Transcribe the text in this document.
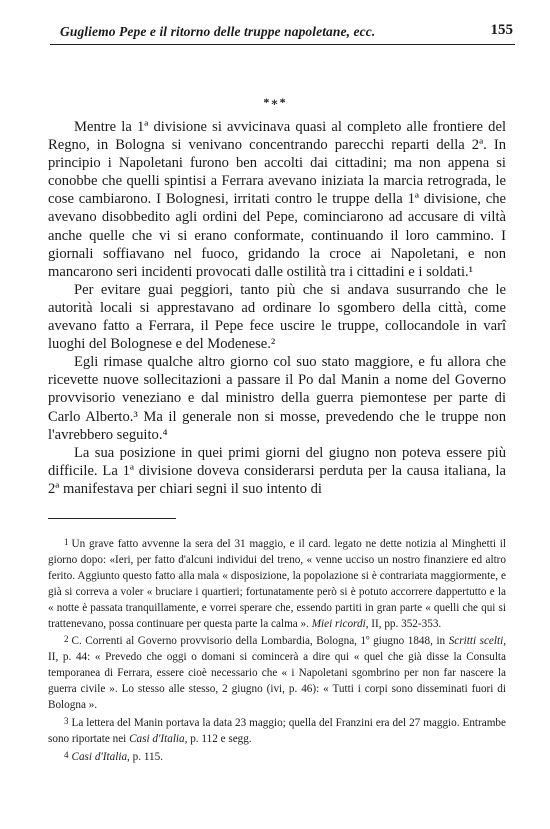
Gugliemo Pepe e il ritorno delle truppe napoletane, ecc.	155
*∗*

Mentre la 1ª divisione si avvicinava quasi al completo alle frontiere del Regno, in Bologna si venivano concentrando parecchi reparti della 2ª. In principio i Napoletani furono ben accolti dai cittadini; ma non appena si conobbe che quelli spintisi a Ferrara avevano iniziata la marcia retrograda, le cose cambiarono. I Bolognesi, irritati contro le truppe della 1ª divisione, che avevano disobbedito agli ordini del Pepe, cominciarono ad accusare di viltà anche quelle che vi si erano conformate, continuando il loro cammino. I giornali soffiavano nel fuoco, gridando la croce ai Napoletani, e non mancarono seri incidenti provocati dalle ostilità tra i cittadini e i soldati.¹

Per evitare guai peggiori, tanto più che si andava susurrando che le autorità locali si apprestavano ad ordinare lo sgombero della città, come avevano fatto a Ferrara, il Pepe fece uscire le truppe, collocandole in varî luoghi del Bolognese e del Modenese.²

Egli rimase qualche altro giorno col suo stato maggiore, e fu allora che ricevette nuove sollecitazioni a passare il Po dal Manin a nome del Governo provvisorio veneziano e dal ministro della guerra piemontese per parte di Carlo Alberto.³ Ma il generale non si mosse, prevedendo che le truppe non l'avrebbero seguito.⁴

La sua posizione in quei primi giorni del giugno non poteva essere più difficile. La 1ª divisione doveva considerarsi perduta per la causa italiana, la 2ª manifestava per chiari segni il suo intento di

1 Un grave fatto avvenne la sera del 31 maggio, e il card. legato ne dette notizia al Minghetti il giorno dopo: «Ieri, per fatto d'alcuni individui del treno, « venne ucciso un nostro finanziere ed altro ferito. Aggiunto questo fatto alla mala « disposizione, la popolazione si è contrariata maggiormente, e già si correva a voler « bruciare i quartieri; fortunatamente però si è potuto accorrere dappertutto e la « notte è passata tranquillamente, e vorrei sperare che, essendo partiti in gran parte « quelli che qui si trattenevano, possa continuare per questa parte la calma ». Miei ricordi, II, pp. 352-353.

2 C. Correnti al Governo provvisorio della Lombardia, Bologna, 1º giugno 1848, in Scritti scelti, II, p. 44: « Prevedo che oggi o domani si comincerà a dire qui « quel che già disse la Consulta temporanea di Ferrara, essere cioè necessario che « i Napoletani sgombrino per non far nascere la guerra civile ». Lo stesso alle stesso, 2 giugno (ivi, p. 46): « Tutti i corpi sono disseminati fuori di Bologna ».

3 La lettera del Manin portava la data 23 maggio; quella del Franzini era del 27 maggio. Entrambe sono riportate nei Casi d'Italia, p. 112 e segg.

4 Casi d'Italia, p. 115.
